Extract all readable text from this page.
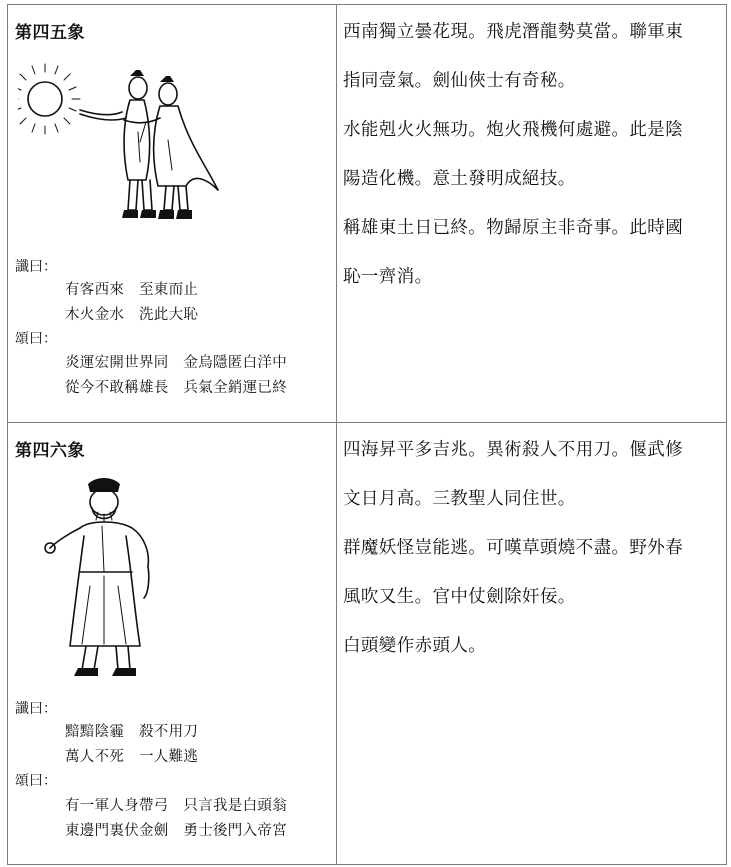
第四五象
讖曰：
有客西來　至東而止
木火金水　洗此大恥
頌曰：
炎運宏開世界同　金烏隱匿白洋中
從今不敢稱雄長　兵氣全銷運已終
西南獨立曇花現。飛虎潛龍勢莫當。聯軍東
指同壹氣。劍仙俠士有奇秘。
水能剋火火無功。炮火飛機何處避。此是陰
陽造化機。意土發明成絕技。
稱雄東土日已終。物歸原主非奇事。此時國
恥一齊消。
第四六象
讖曰：
黯黯陰霾　殺不用刀
萬人不死　一人難逃
頌曰：
有一軍人身帶弓　只言我是白頭翁
東邊門裏伏金劍　勇士後門入帝宮
四海昇平多吉兆。異術殺人不用刀。偃武修
文日月高。三教聖人同住世。
群魔妖怪豈能逃。可嘆草頭燒不盡。野外春
風吹又生。官中仗劍除奸佞。
白頭變作赤頭人。
